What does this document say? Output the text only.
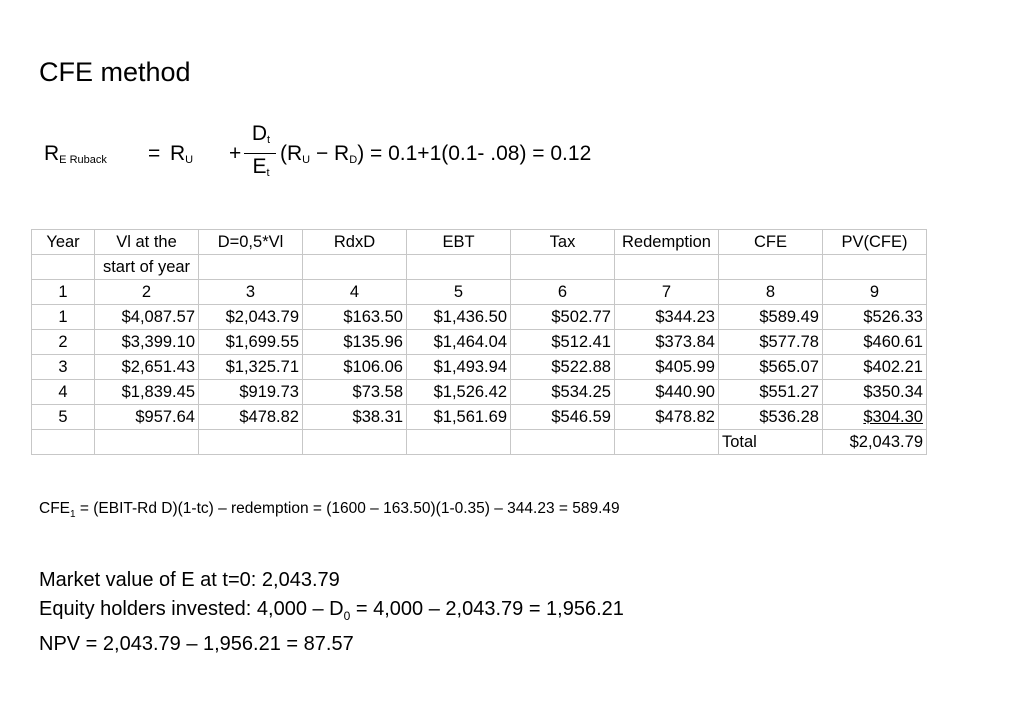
CFE method
$R_{E Ruback} = R_U$ +
$D_t$
$E_t$
$(R_U - R_D) = 0.1+1(0.1-$ .08) = 0.12
Year	Vl at the	D=0,5*Vl	RdxD	EBT	Tax	Redemption	CFE	PV(CFE)
	start of year							
1	2	3	4	5	6	7	8	9
1	$4,087.57	$2,043.79	$163.50	$1,436.50	$502.77	$344.23	$589.49	$526.33
2	$3,399.10	$1,699.55	$135.96	$1,464.04	$512.41	$373.84	$577.78	$460.61
3	$2,651.43	$1,325.71	$106.06	$1,493.94	$522.88	$405.99	$565.07	$402.21
4	$1,839.45	$919.73	$73.58	$1,526.42	$534.25	$440.90	$551.27	$350.34
5	$957.64	$478.82	$38.31	$1,561.69	$546.59	$478.82	$536.28	$304.30
							Total	$2,043.79
$CFE_1$ = (EBIT-Rd D)(1-tc) – redemption = (1600 – 163.50)(1-0.35) – 344.23 = 589.49
Market value of E at t=0: 2,043.79
Equity holders invested: $4,000 - D_0 = 4,000 - 2,043.79 = 1,956.21$
NPV = 2,043.79 – 1,956.21 = 87.57
